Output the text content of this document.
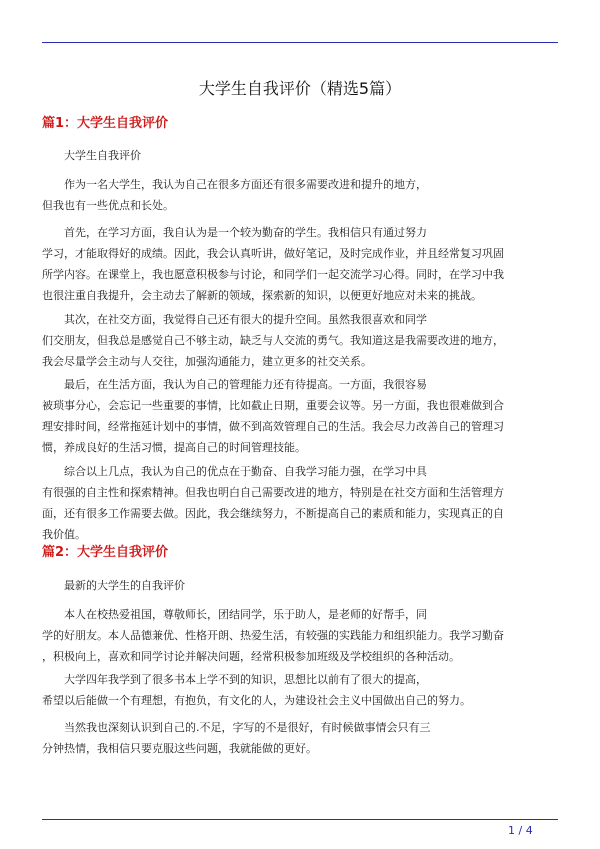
大学生自我评价（精选5篇）
篇1：大学生自我评价
大学生自我评价
　　作为一名大学生，我认为自己在很多方面还有很多需要改进和提升的地方，
但我也有一些优点和长处。
　　首先，在学习方面，我自认为是一个较为勤奋的学生。我相信只有通过努力
学习，才能取得好的成绩。因此，我会认真听讲，做好笔记，及时完成作业，并且经常复习巩固
所学内容。在课堂上，我也愿意积极参与讨论，和同学们一起交流学习心得。同时，在学习中我
也很注重自我提升，会主动去了解新的领域，探索新的知识，以便更好地应对未来的挑战。
　　其次，在社交方面，我觉得自己还有很大的提升空间。虽然我很喜欢和同学
们交朋友，但我总是感觉自己不够主动，缺乏与人交流的勇气。我知道这是我需要改进的地方，
我会尽量学会主动与人交往，加强沟通能力，建立更多的社交关系。
　　最后，在生活方面，我认为自己的管理能力还有待提高。一方面，我很容易
被琐事分心，会忘记一些重要的事情，比如截止日期，重要会议等。另一方面，我也很难做到合
理安排时间，经常拖延计划中的事情，做不到高效管理自己的生活。我会尽力改善自己的管理习
惯，养成良好的生活习惯，提高自己的时间管理技能。
　　综合以上几点，我认为自己的优点在于勤奋、自我学习能力强，在学习中具
有很强的自主性和探索精神。但我也明白自己需要改进的地方，特别是在社交方面和生活管理方
面，还有很多工作需要去做。因此，我会继续努力，不断提高自己的素质和能力，实现真正的自
我价值。
篇2：大学生自我评价
最新的大学生的自我评价
　　本人在校热爱祖国，尊敬师长，团结同学，乐于助人，是老师的好帮手，同
学的好朋友。本人品德兼优、性格开朗、热爱生活，有较强的实践能力和组织能力。我学习勤奋
，积极向上，喜欢和同学讨论并解决问题，经常积极参加班级及学校组织的各种活动。
　　大学四年我学到了很多书本上学不到的知识，思想比以前有了很大的提高，
希望以后能做一个有理想，有抱负，有文化的人，为建设社会主义中国做出自己的努力。
　　当然我也深刻认识到自己的.不足，字写的不是很好，有时候做事情会只有三
分钟热情，我相信只要克服这些问题，我就能做的更好。
1 / 4
